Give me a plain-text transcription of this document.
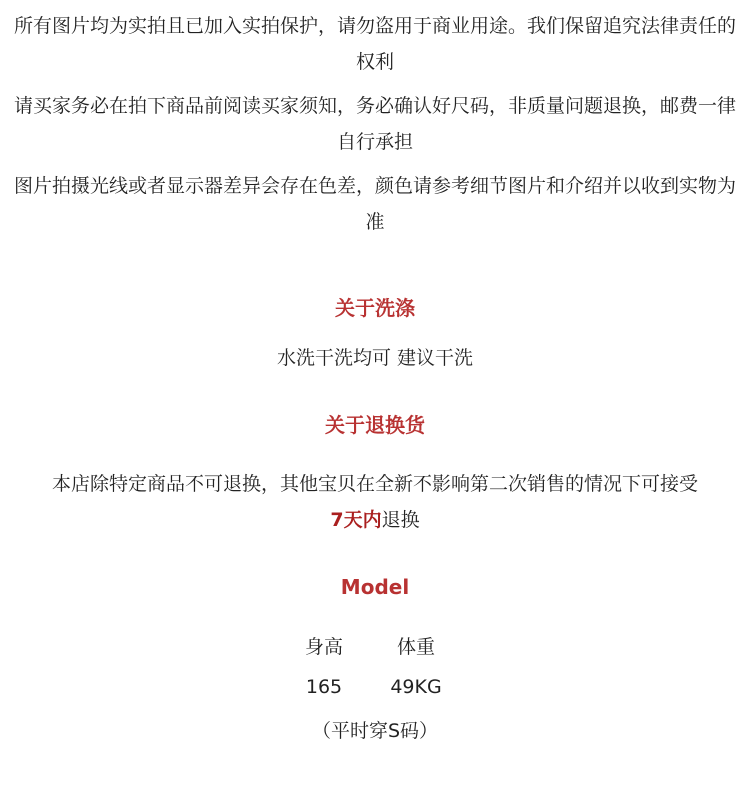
所有图片均为实拍且已加入实拍保护，请勿盗用于商业用途。我们保留追究法律责任的权利

请买家务必在拍下商品前阅读买家须知，务必确认好尺码，非质量问题退换，邮费一律自行承担

图片拍摄光线或者显示器差异会存在色差，颜色请参考细节图片和介绍并以收到实物为准

关于洗涤

水洗干洗均可 建议干洗

关于退换货

本店除特定商品不可退换，其他宝贝在全新不影响第二次销售的情况下可接受
7天内退换

Model
身高	体重
165	49KG

（平时穿S码）
